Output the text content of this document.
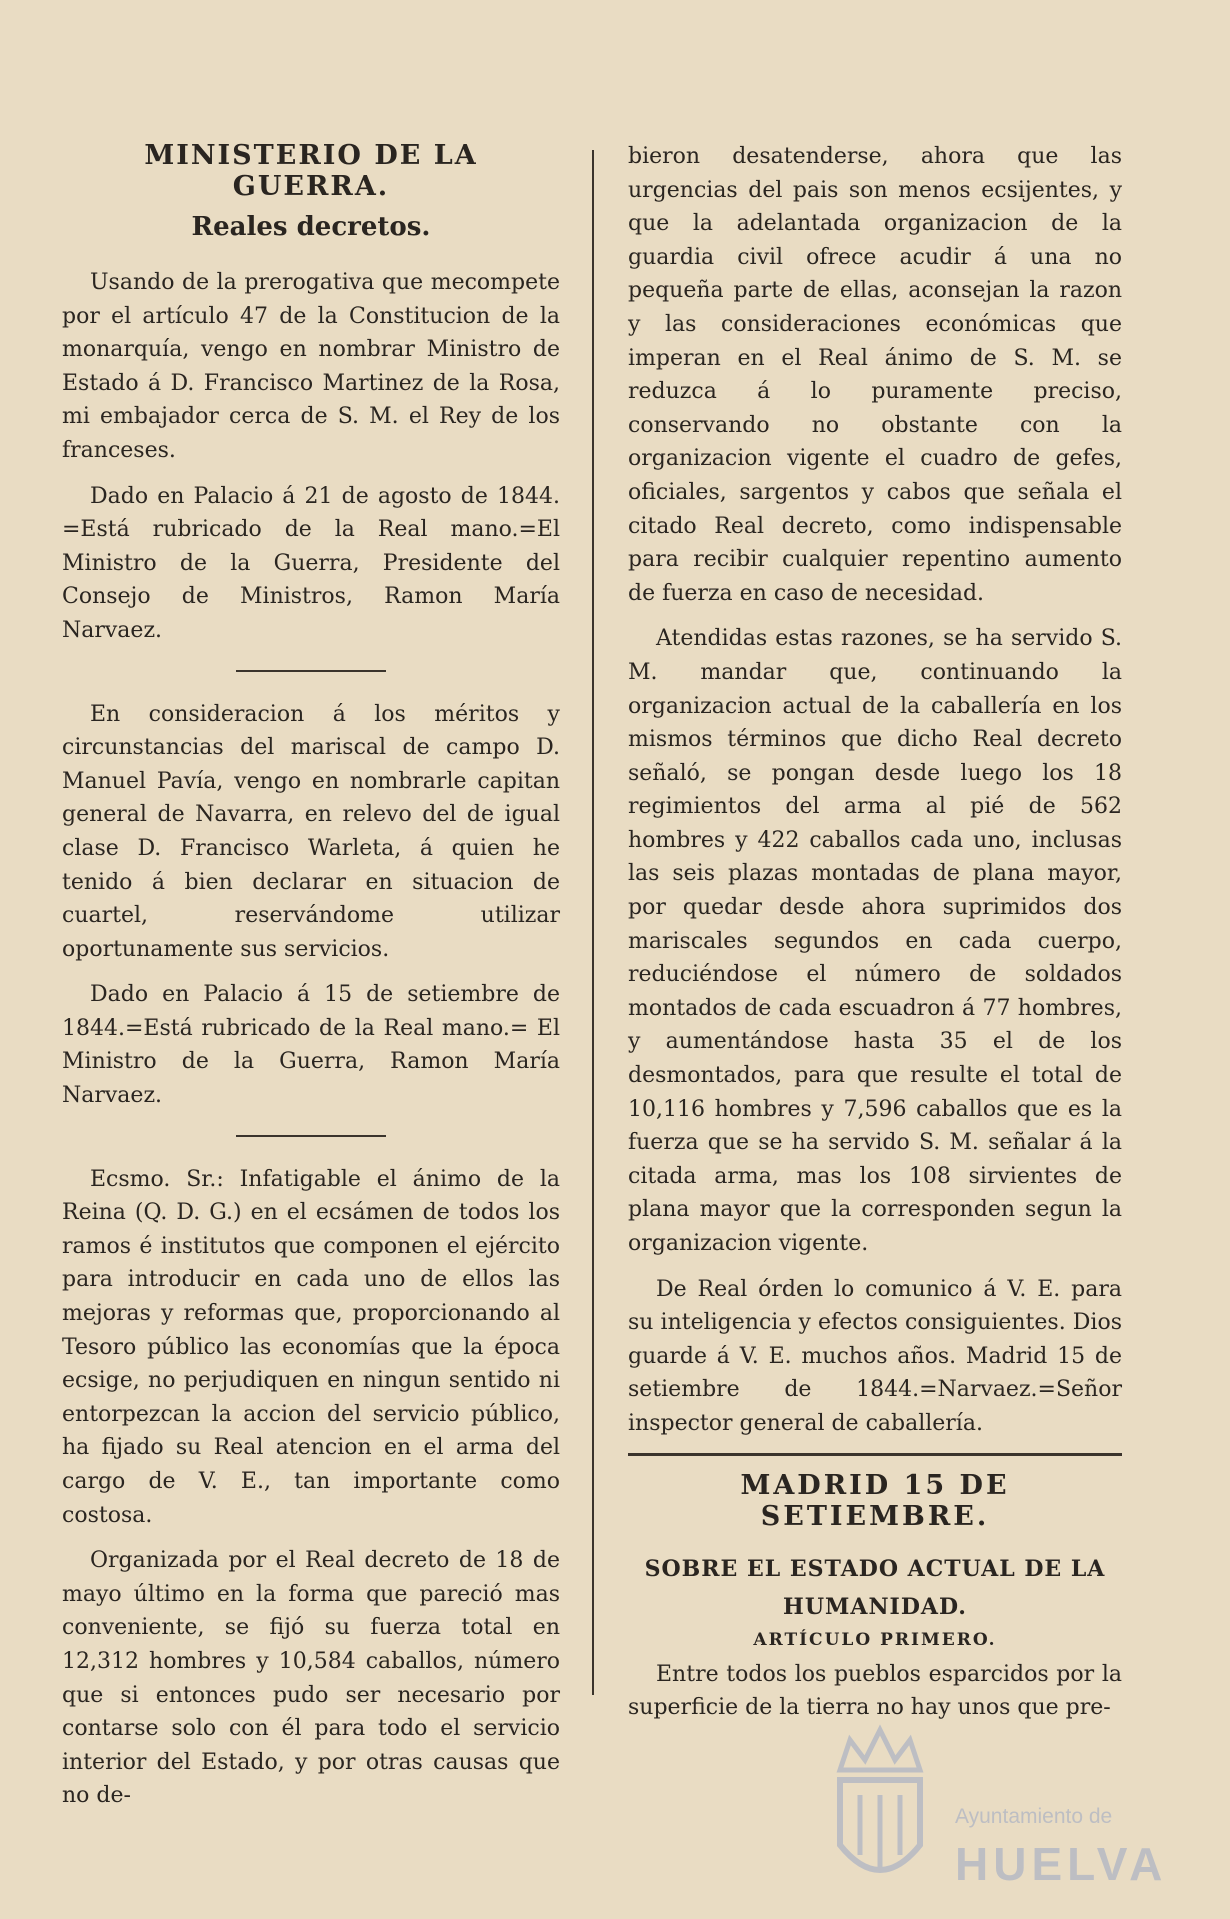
MINISTERIO DE LA GUERRA.
Reales decretos.

Usando de la prerogativa que mecompete por el artículo 47 de la Constitucion de la monarquía, vengo en nombrar Ministro de Estado á D. Francisco Martinez de la Rosa, mi embajador cerca de S. M. el Rey de los franceses.

Dado en Palacio á 21 de agosto de 1844. =Está rubricado de la Real mano.=El Ministro de la Guerra, Presidente del Consejo de Ministros, Ramon María Narvaez.

En consideracion á los méritos y circunstancias del mariscal de campo D. Manuel Pavía, vengo en nombrarle capitan general de Navarra, en relevo del de igual clase D. Francisco Warleta, á quien he tenido á bien declarar en situacion de cuartel, reservándome utilizar oportunamente sus servicios.

Dado en Palacio á 15 de setiembre de 1844.=Está rubricado de la Real mano.= El Ministro de la Guerra, Ramon María Narvaez.

Ecsmo. Sr.: Infatigable el ánimo de la Reina (Q. D. G.) en el ecsámen de todos los ramos é institutos que componen el ejército para introducir en cada uno de ellos las mejoras y reformas que, proporcionando al Tesoro público las economías que la época ecsige, no perjudiquen en ningun sentido ni entorpezcan la accion del servicio público, ha fijado su Real atencion en el arma del cargo de V. E., tan importante como costosa.

Organizada por el Real decreto de 18 de mayo último en la forma que pareció mas conveniente, se fijó su fuerza total en 12,312 hombres y 10,584 caballos, número que si entonces pudo ser necesario por contarse solo con él para todo el servicio interior del Estado, y por otras causas que no de-

bieron desatenderse, ahora que las urgencias del pais son menos ecsijentes, y que la adelantada organizacion de la guardia civil ofrece acudir á una no pequeña parte de ellas, aconsejan la razon y las consideraciones económicas que imperan en el Real ánimo de S. M. se reduzca á lo puramente preciso, conservando no obstante con la organizacion vigente el cuadro de gefes, oficiales, sargentos y cabos que señala el citado Real decreto, como indispensable para recibir cualquier repentino aumento de fuerza en caso de necesidad.

Atendidas estas razones, se ha servido S. M. mandar que, continuando la organizacion actual de la caballería en los mismos términos que dicho Real decreto señaló, se pongan desde luego los 18 regimientos del arma al pié de 562 hombres y 422 caballos cada uno, inclusas las seis plazas montadas de plana mayor, por quedar desde ahora suprimidos dos mariscales segundos en cada cuerpo, reduciéndose el número de soldados montados de cada escuadron á 77 hombres, y aumentándose hasta 35 el de los desmontados, para que resulte el total de 10,116 hombres y 7,596 caballos que es la fuerza que se ha servido S. M. señalar á la citada arma, mas los 108 sirvientes de plana mayor que la corresponden segun la organizacion vigente.

De Real órden lo comunico á V. E. para su inteligencia y efectos consiguientes. Dios guarde á V. E. muchos años. Madrid 15 de setiembre de 1844.=Narvaez.=Señor inspector general de caballería.

MADRID 15 DE SETIEMBRE.
SOBRE EL ESTADO ACTUAL DE LA
HUMANIDAD.
ARTÍCULO PRIMERO.

Entre todos los pueblos esparcidos por la superficie de la tierra no hay unos que pre-

Ayuntamiento de
HUELVA
